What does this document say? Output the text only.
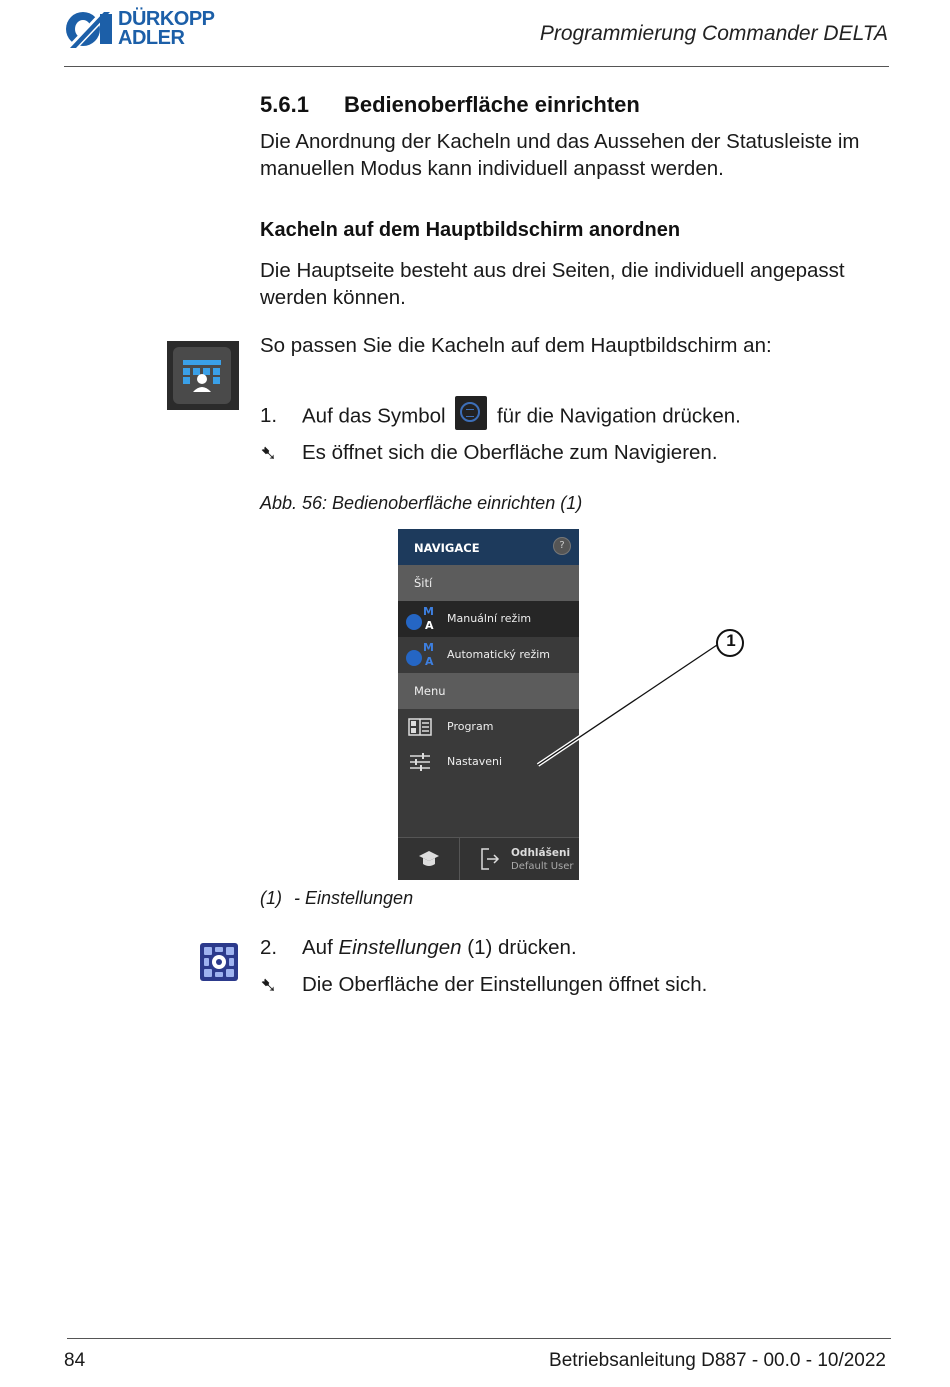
DÜRKOPP
ADLER	Programmierung Commander DELTA
5.6.1 Bedienoberfläche einrichten
Die Anordnung der Kacheln und das Aussehen der Statusleiste im manuellen Modus kann individuell anpasst werden.
Kacheln auf dem Hauptbildschirm anordnen
Die Hauptseite besteht aus drei Seiten, die individuell angepasst werden können.
So passen Sie die Kacheln auf dem Hauptbildschirm an:
1. Auf das Symbol	für die Navigation drücken.
➷ Es öffnet sich die Oberfläche zum Navigieren.
Abb. 56: Bedienoberfläche einrichten (1)
NAVIGACE	?
Šití
M
A
Manuální režim
M
A
Automatický režim
Menu
Program
Nastaveni
Odhlášeni
Default User
1
(1) - Einstellungen
2. Auf Einstellungen (1) drücken.
➷ Die Oberfläche der Einstellungen öffnet sich.
84	Betriebsanleitung D887 - 00.0 - 10/2022
